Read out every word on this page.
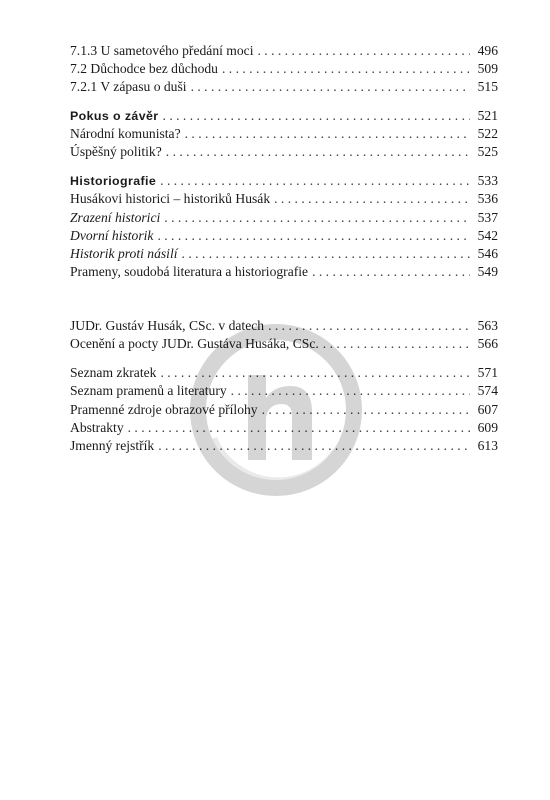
7.1.3 U sametového předání moci . . .	496
7.2 Důchodce bez důchodu . . .	509
7.2.1 V zápasu o duši . . .	515
Pokus o závěr . . .	521
Národní komunista? . . .	522
Úspěšný politik? . . .	525
Historiografie . . .	533
Husákovi historici – historiků Husák . . .	536
Zrazení historici . . .	537
Dvorní historik . . .	542
Historik proti násilí . . .	546
Prameny, soudobá literatura a historiografie . . .	549
JUDr. Gustáv Husák, CSc. v datech . . .	563
Ocenění a pocty JUDr. Gustáva Husáka, CSc. . . .	566
Seznam zkratek . . .	571
Seznam pramenů a literatury . . .	574
Pramenné zdroje obrazové přílohy . . .	607
Abstrakty . . .	609
Jmenný rejstřík . . .	613
